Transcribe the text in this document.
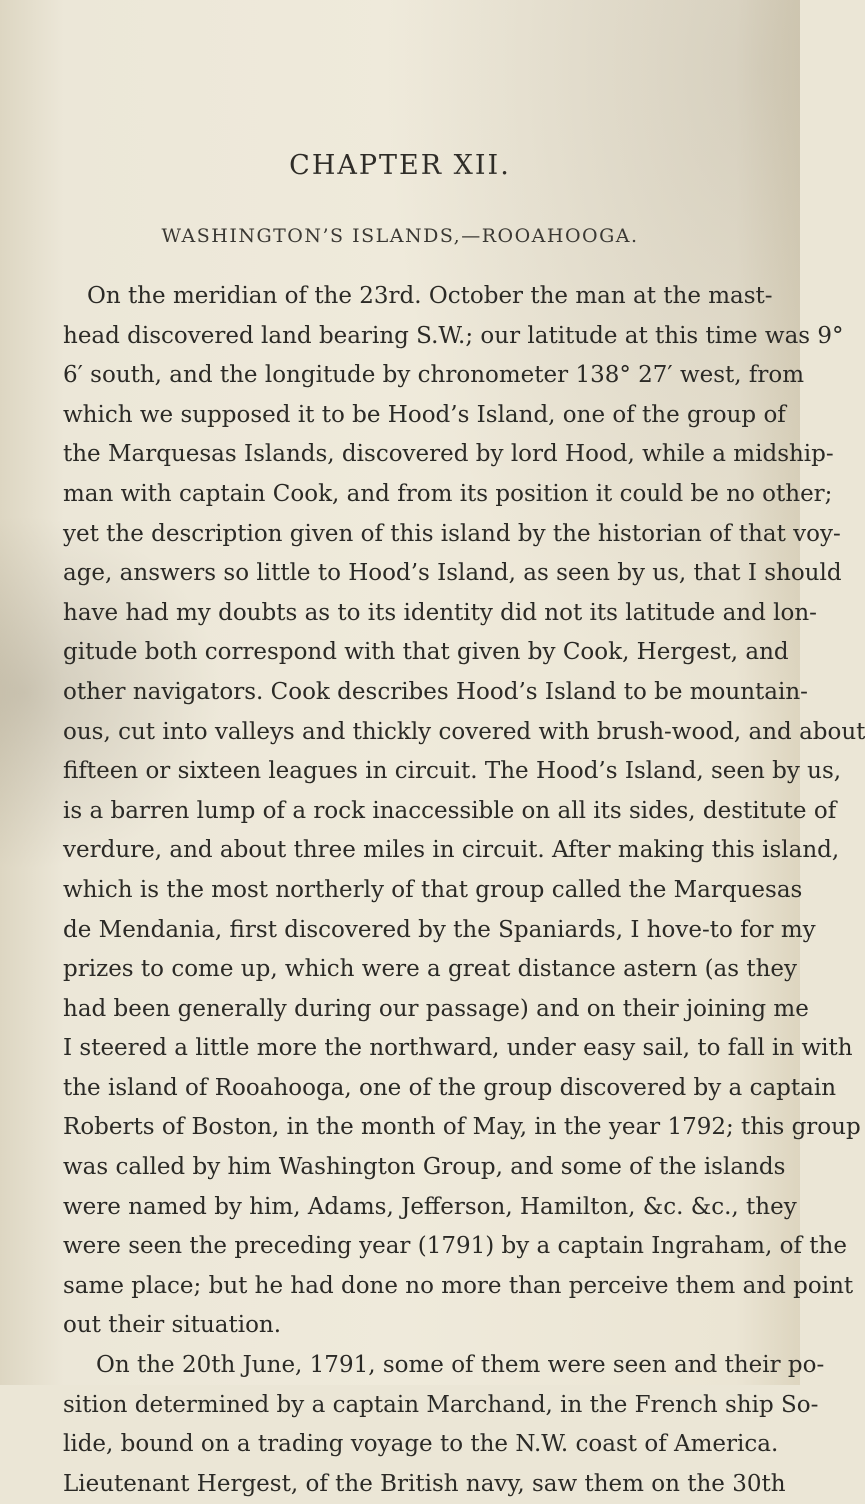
CHAPTER XII.
WASHINGTON’S ISLANDS,—ROOAHOOGA.
On the meridian of the 23rd. October the man at the mast-
head discovered land bearing S.W.; our latitude at this time was 9°
6′ south, and the longitude by chronometer 138° 27′ west, from
which we supposed it to be Hood’s Island, one of the group of
the Marquesas Islands, discovered by lord Hood, while a midship-
man with captain Cook, and from its position it could be no other;
yet the description given of this island by the historian of that voy-
age, answers so little to Hood’s Island, as seen by us, that I should
have had my doubts as to its identity did not its latitude and lon-
gitude both correspond with that given by Cook, Hergest, and
other navigators. Cook describes Hood’s Island to be mountain-
ous, cut into valleys and thickly covered with brush-wood, and about
fifteen or sixteen leagues in circuit. The Hood’s Island, seen by us,
is a barren lump of a rock inaccessible on all its sides, destitute of
verdure, and about three miles in circuit. After making this island,
which is the most northerly of that group called the Marquesas
de Mendania, first discovered by the Spaniards, I hove-to for my
prizes to come up, which were a great distance astern (as they
had been generally during our passage) and on their joining me
I steered a little more the northward, under easy sail, to fall in with
the island of Rooahooga, one of the group discovered by a captain
Roberts of Boston, in the month of May, in the year 1792; this group
was called by him Washington Group, and some of the islands
were named by him, Adams, Jefferson, Hamilton, &c. &c., they
were seen the preceding year (1791) by a captain Ingraham, of the
same place; but he had done no more than perceive them and point
out their situation.
On the 20th June, 1791, some of them were seen and their po-
sition determined by a captain Marchand, in the French ship So-
lide, bound on a trading voyage to the N.W. coast of America.
Lieutenant Hergest, of the British navy, saw them on the 30th
